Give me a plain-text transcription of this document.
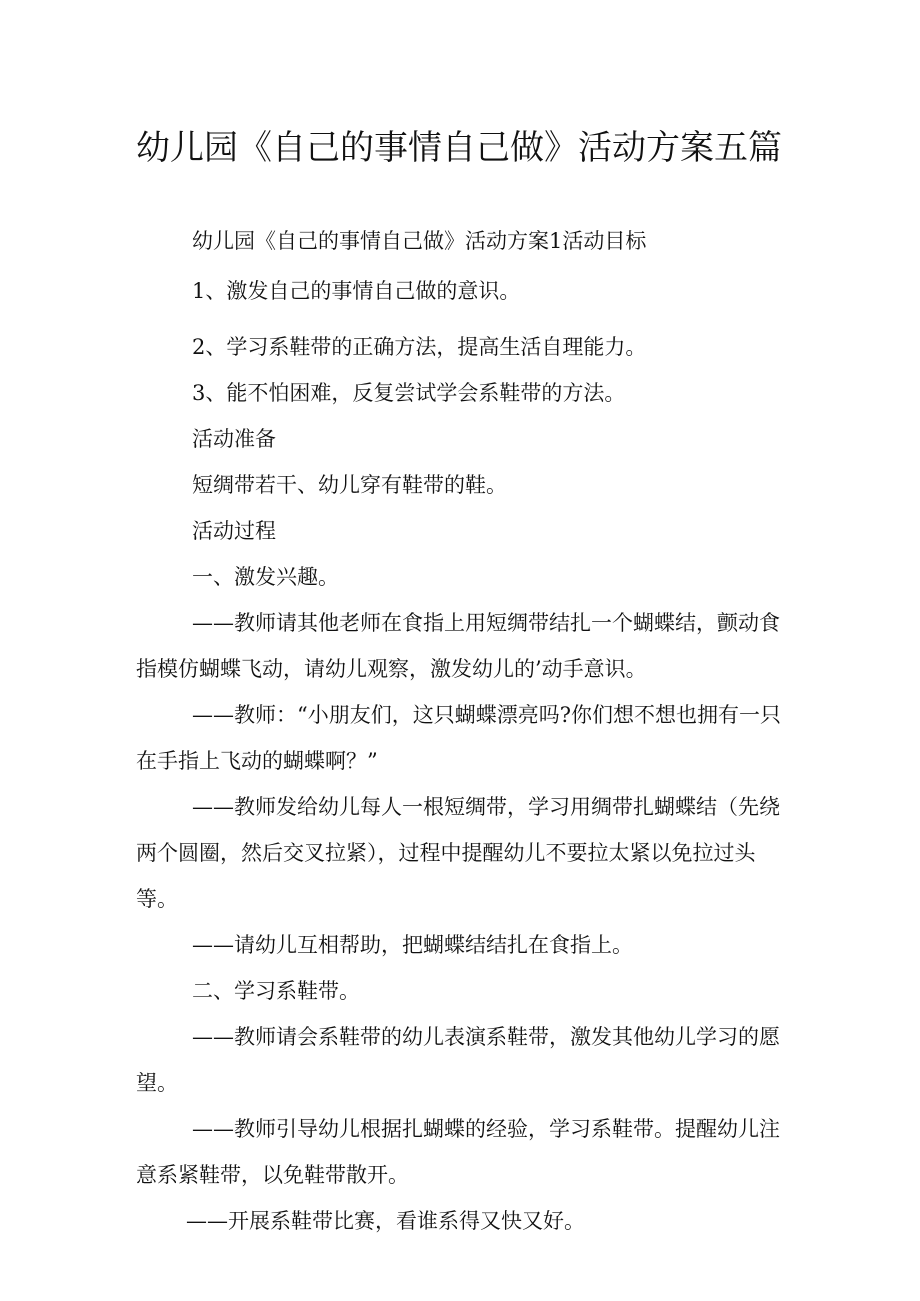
幼儿园《自己的事情自己做》活动方案五篇

幼儿园《自己的事情自己做》活动方案1活动目标

1、激发自己的事情自己做的意识。

2、学习系鞋带的正确方法，提高生活自理能力。

3、能不怕困难，反复尝试学会系鞋带的方法。

活动准备

短绸带若干、幼儿穿有鞋带的鞋。

活动过程

一、激发兴趣。

——教师请其他老师在食指上用短绸带结扎一个蝴蝶结，颤动食指模仿蝴蝶飞动，请幼儿观察，激发幼儿的’动手意识。

——教师：“小朋友们，这只蝴蝶漂亮吗?你们想不想也拥有一只在手指上飞动的蝴蝶啊？”

——教师发给幼儿每人一根短绸带，学习用绸带扎蝴蝶结（先绕两个圆圈，然后交叉拉紧），过程中提醒幼儿不要拉太紧以免拉过头等。

——请幼儿互相帮助，把蝴蝶结结扎在食指上。

二、学习系鞋带。

——教师请会系鞋带的幼儿表演系鞋带，激发其他幼儿学习的愿望。

——教师引导幼儿根据扎蝴蝶的经验，学习系鞋带。提醒幼儿注意系紧鞋带，以免鞋带散开。

——开展系鞋带比赛，看谁系得又快又好。
